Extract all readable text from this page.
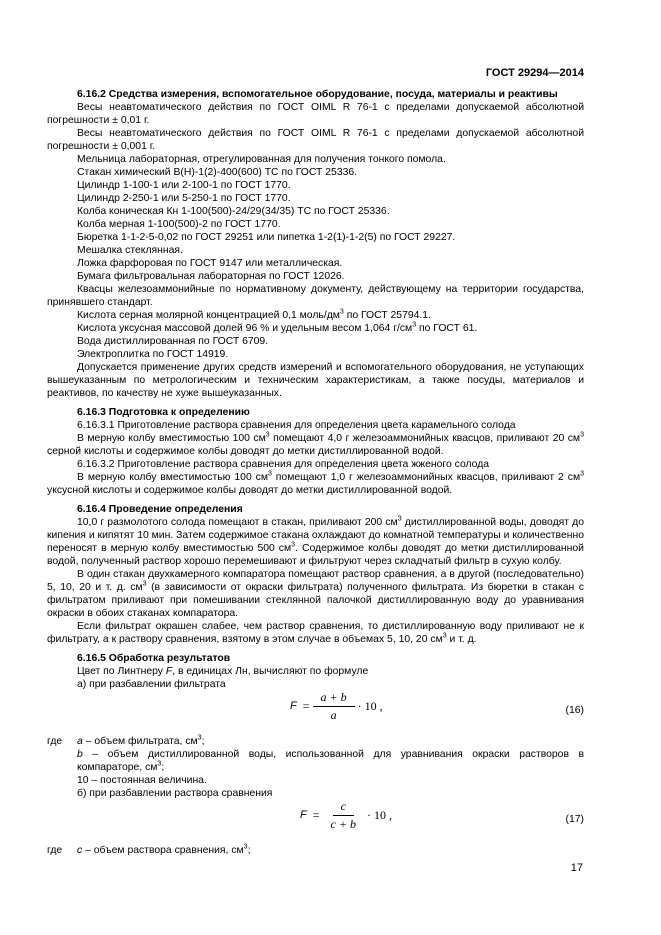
ГОСТ 29294—2014

6.16.2 Средства измерения, вспомогательное оборудование, посуда, материалы и реактивы

Весы неавтоматического действия по ГОСТ OIML R 76-1 с пределами допускаемой абсолютной погрешности ± 0,01 г.

Весы неавтоматического действия по ГОСТ OIML R 76-1 с пределами допускаемой абсолютной погрешности ± 0,001 г.

Мельница лабораторная, отрегулированная для получения тонкого помола.

Стакан химический В(Н)-1(2)-400(600) ТС по ГОСТ 25336.

Цилиндр 1-100-1 или 2-100-1 по ГОСТ 1770.

Цилиндр 2-250-1 или 5-250-1 по ГОСТ 1770.

Колба коническая Кн 1-100(500)-24/29(34/35) ТС по ГОСТ 25336.

Колба мерная 1-100(500)-2 по ГОСТ 1770.

Бюретка 1-1-2-5-0,02 по ГОСТ 29251 или пипетка 1-2(1)-1-2(5) по ГОСТ 29227.

Мешалка стеклянная.

Ложка фарфоровая по ГОСТ 9147 или металлическая.

Бумага фильтровальная лабораторная по ГОСТ 12026.

Квасцы железоаммонийные по нормативному документу, действующему на территории государства, принявшего стандарт.

Кислота серная молярной концентрацией 0,1 моль/$дм^3$ по ГОСТ 25794.1.

Кислота уксусная массовой долей 96 % и удельным весом 1,064 $г/см^3$ по ГОСТ 61.

Вода дистиллированная по ГОСТ 6709.

Электроплитка по ГОСТ 14919.

Допускается применение других средств измерений и вспомогательного оборудования, не уступающих вышеуказанным по метрологическим и техническим характеристикам, а также посуды, материалов и реактивов, по качеству не хуже вышеуказанных.

6.16.3 Подготовка к определению

6.16.3.1 Приготовление раствора сравнения для определения цвета карамельного солода

В мерную колбу вместимостью 100 $см^3$ помещают 4,0 г железоаммонийных квасцов, приливают 20 $см^3$ серной кислоты и содержимое колбы доводят до метки дистиллированной водой.

6.16.3.2 Приготовление раствора сравнения для определения цвета жженого солода

В мерную колбу вместимостью 100 $см^3$ помещают 1,0 г железоаммонийных квасцов, приливают 2 $см^3$ уксусной кислоты и содержимое колбы доводят до метки дистиллированной водой.

6.16.4 Проведение определения

10,0 г размолотого солода помещают в стакан, приливают 200 $см^3$ дистиллированной воды, доводят до кипения и кипятят 10 мин. Затем содержимое стакана охлаждают до комнатной температуры и количественно переносят в мерную колбу вместимостью 500 $см^3$. Содержимое колбы доводят до метки дистиллированной водой, полученный раствор хорошо перемешивают и фильтруют через складчатый фильтр в сухую колбу.

В один стакан двухкамерного компаратора помещают раствор сравнения, а в другой (последовательно) 5, 10, 20 и т. д. $см^3$ (в зависимости от окраски фильтрата) полученного фильтрата. Из бюретки в стакан с фильтратом приливают при помешивании стеклянной палочкой дистиллированную воду до уравнивания окраски в обоих стаканах компаратора.

Если фильтрат окрашен слабее, чем раствор сравнения, то дистиллированную воду приливают не к фильтрату, а к раствору сравнения, взятому в этом случае в объемах 5, 10, 20 $см^3$ и т. д.

6.16.5 Обработка результатов

Цвет по Линтнеру F, в единицах Лн, вычисляют по формуле

а) при разбавлении фильтрата

$F = \frac{a + b}{a} \cdot 10$ ,	(16)
где	a – объем фильтрата, $см^3$;
b – объем дистиллированной воды, использованной для уравнивания окраски растворов в компараторе, $см^3$;
10 – постоянная величина.

б) при разбавлении раствора сравнения

$F = \frac{c}{c + b} \cdot 10$ ,	(17)
где	c – объем раствора сравнения, $см^3$;
17
